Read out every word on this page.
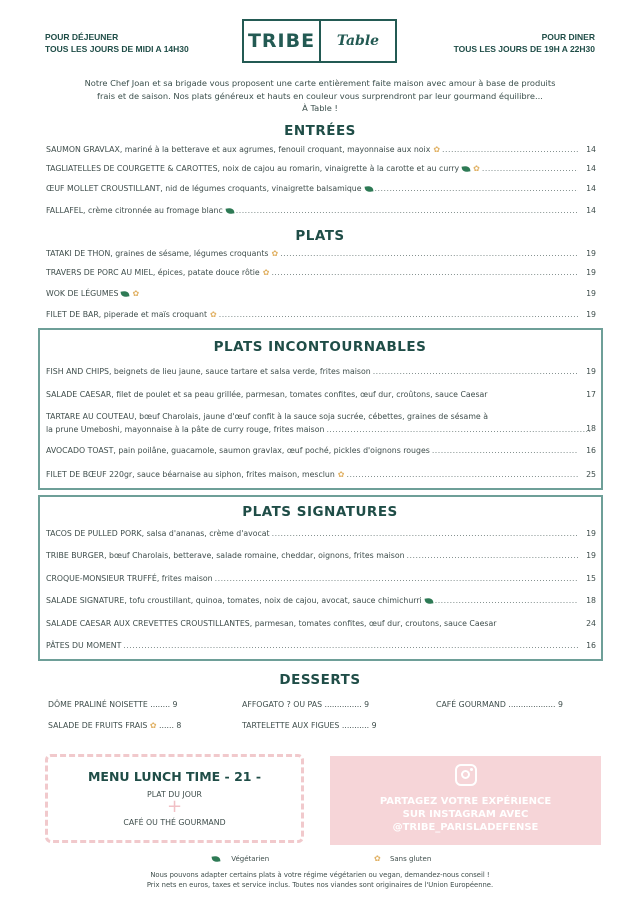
POUR DÉJEUNER
TOUS LES JOURS DE MIDI A 14H30	TRIBE	Table	POUR DINER
TOUS LES JOURS DE 19H A 22H30
Notre Chef Joan et sa brigade vous proposent une carte entièrement faite maison avec amour à base de produits
frais et de saison. Nos plats généreux et hauts en couleur vous surprendront par leur gourmand équilibre...
À Table !
ENTRÉES
SAUMON GRAVLAX, mariné à la betterave et aux agrumes, fenouil croquant, mayonnaise aux noix ✿ .....	14
TAGLIATELLES DE COURGETTE & CAROTTES, noix de cajou au romarin, vinaigrette à la carotte et au curry ✿ .....	14
ŒUF MOLLET CROUSTILLANT, nid de légumes croquants, vinaigrette balsamique .....	14
FALLAFEL, crème citronnée au fromage blanc .....	14
PLATS
TATAKI DE THON, graines de sésame, légumes croquants ✿ .....	19
TRAVERS DE PORC AU MIEL, épices, patate douce rôtie ✿ .....	19
WOK DE LÉGUMES ✿	19
FILET DE BAR, piperade et maïs croquant ✿ .....	19
PLATS INCONTOURNABLES
FISH AND CHIPS, beignets de lieu jaune, sauce tartare et salsa verde, frites maison .....	19
SALADE CAESAR, filet de poulet et sa peau grillée, parmesan, tomates confites, œuf dur, croûtons, sauce Caesar	17
TARTARE AU COUTEAU, bœuf Charolais, jaune d'œuf confit à la sauce soja sucrée, cébettes, graines de sésame à
la prune Umeboshi, mayonnaise à la pâte de curry rouge, frites maison .....	18
AVOCADO TOAST, pain poilâne, guacamole, saumon gravlax, œuf poché, pickles d'oignons rouges .....	16
FILET DE BŒUF 220gr, sauce béarnaise au siphon, frites maison, mesclun ✿ .....	25
PLATS SIGNATURES
TACOS DE PULLED PORK, salsa d'ananas, crème d'avocat .....	19
TRIBE BURGER, bœuf Charolais, betterave, salade romaine, cheddar, oignons, frites maison .....	19
CROQUE-MONSIEUR TRUFFÉ, frites maison .....	15
SALADE SIGNATURE, tofu croustillant, quinoa, tomates, noix de cajou, avocat, sauce chimichurri .....	18
SALADE CAESAR AUX CREVETTES CROUSTILLANTES, parmesan, tomates confites, œuf dur, croutons, sauce Caesar	24
PÂTES DU MOMENT .....	16
DESSERTS
DÔME PRALINÉ NOISETTE ........ 9	AFFOGATO ? OU PAS ............... 9	CAFÉ GOURMAND ................... 9
SALADE DE FRUITS FRAIS ✿ ...... 8	TARTELETTE AUX FIGUES ........... 9
MENU LUNCH TIME - 21 -
PLAT DU JOUR
+
CAFÉ OU THÉ GOURMAND
PARTAGEZ VOTRE EXPÉRIENCE
SUR INSTAGRAM AVEC
@TRIBE_PARISLADEFENSE
Végétarien	✿ Sans gluten
Nous pouvons adapter certains plats à votre régime végétarien ou vegan, demandez-nous conseil !
Prix nets en euros, taxes et service inclus. Toutes nos viandes sont originaires de l'Union Européenne.
